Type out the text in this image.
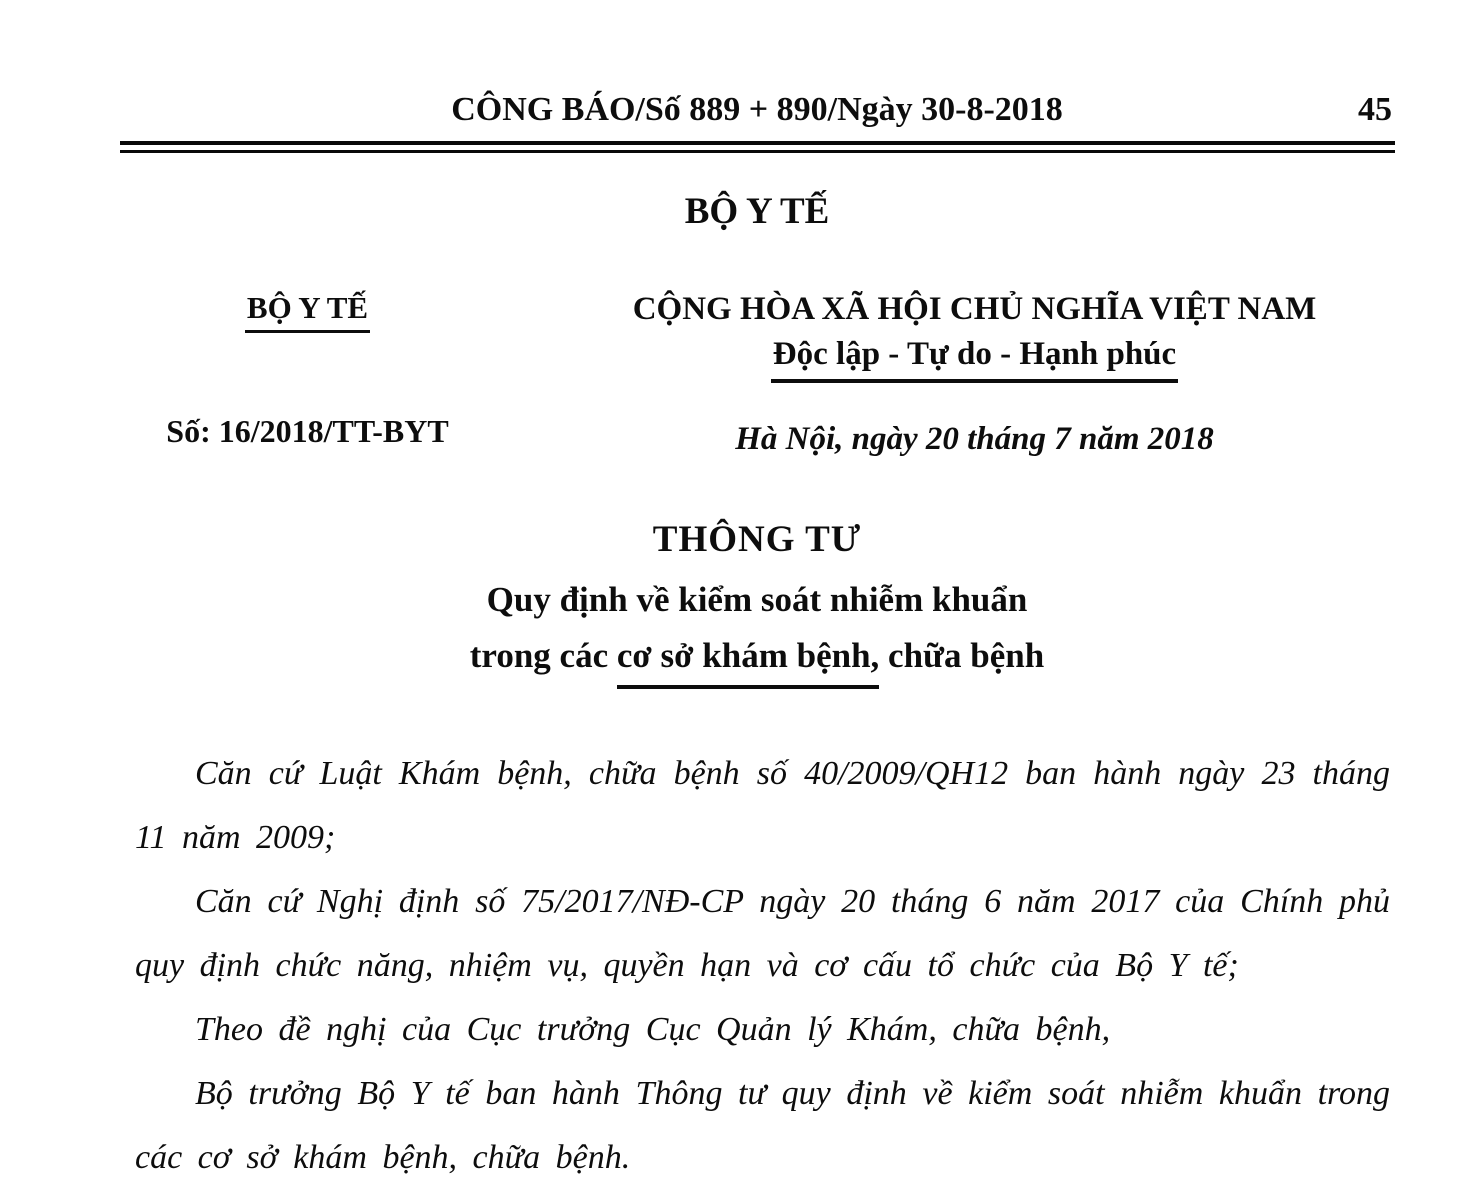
CÔNG BÁO/Số 889 + 890/Ngày 30-8-2018	45
BỘ Y TẾ
BỘ Y TẾ
Số: 16/2018/TT-BYT
CỘNG HÒA XÃ HỘI CHỦ NGHĨA VIỆT NAM
Độc lập - Tự do - Hạnh phúc
Hà Nội, ngày 20 tháng 7 năm 2018
THÔNG TƯ
Quy định về kiểm soát nhiễm khuẩn
trong các cơ sở khám bệnh, chữa bệnh

Căn cứ Luật Khám bệnh, chữa bệnh số 40/2009/QH12 ban hành ngày 23 tháng 11 năm 2009;

Căn cứ Nghị định số 75/2017/NĐ-CP ngày 20 tháng 6 năm 2017 của Chính phủ quy định chức năng, nhiệm vụ, quyền hạn và cơ cấu tổ chức của Bộ Y tế;

Theo đề nghị của Cục trưởng Cục Quản lý Khám, chữa bệnh,

Bộ trưởng Bộ Y tế ban hành Thông tư quy định về kiểm soát nhiễm khuẩn trong các cơ sở khám bệnh, chữa bệnh.
